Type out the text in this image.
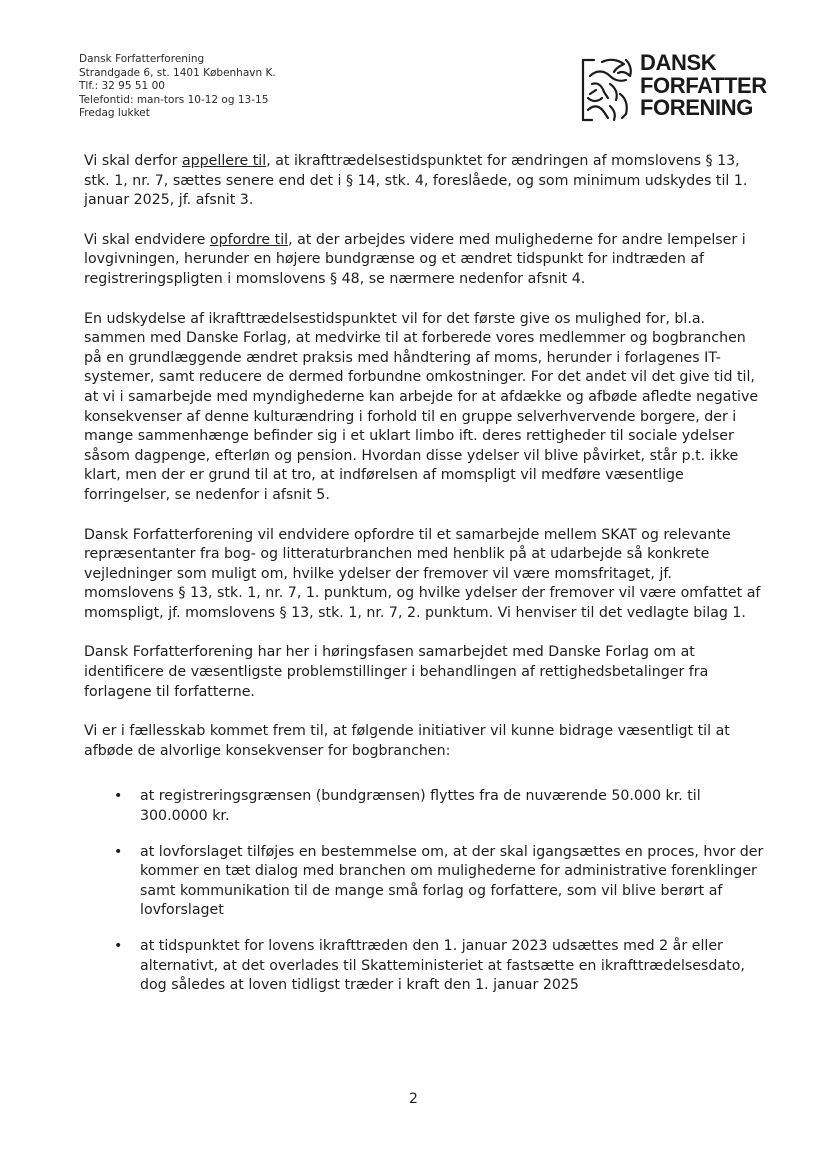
Dansk Forfatterforening
Strandgade 6, st. 1401 København K.
Tlf.: 32 95 51 00
Telefontid: man-tors 10-12 og 13-15
Fredag lukket
DANSK
FORFATTER
FORENING

Vi skal derfor appellere til, at ikrafttrædelsestidspunktet for ændringen af momslovens § 13, stk. 1, nr. 7, sættes senere end det i § 14, stk. 4, foreslåede, og som minimum udskydes til 1. januar 2025, jf. afsnit 3.

Vi skal endvidere opfordre til, at der arbejdes videre med mulighederne for andre lempelser i lovgivningen, herunder en højere bundgrænse og et ændret tidspunkt for indtræden af registreringspligten i momslovens § 48, se nærmere nedenfor afsnit 4.

En udskydelse af ikrafttrædelsestidspunktet vil for det første give os mulighed for, bl.a. sammen med Danske Forlag, at medvirke til at forberede vores medlemmer og bogbranchen på en grundlæggende ændret praksis med håndtering af moms, herunder i forlagenes IT-systemer, samt reducere de dermed forbundne omkostninger. For det andet vil det give tid til, at vi i samarbejde med myndighederne kan arbejde for at afdække og afbøde afledte negative konsekvenser af denne kulturændring i forhold til en gruppe selverhvervende borgere, der i mange sammenhænge befinder sig i et uklart limbo ift. deres rettigheder til sociale ydelser såsom dagpenge, efterløn og pension. Hvordan disse ydelser vil blive påvirket, står p.t. ikke klart, men der er grund til at tro, at indførelsen af momspligt vil medføre væsentlige forringelser, se nedenfor i afsnit 5.

Dansk Forfatterforening vil endvidere opfordre til et samarbejde mellem SKAT og relevante repræsentanter fra bog- og litteraturbranchen med henblik på at udarbejde så konkrete vejledninger som muligt om, hvilke ydelser der fremover vil være momsfritaget, jf. momslovens § 13, stk. 1, nr. 7, 1. punktum, og hvilke ydelser der fremover vil være omfattet af momspligt, jf. momslovens § 13, stk. 1, nr. 7, 2. punktum. Vi henviser til det vedlagte bilag 1.

Dansk Forfatterforening har her i høringsfasen samarbejdet med Danske Forlag om at identificere de væsentligste problemstillinger i behandlingen af rettighedsbetalinger fra forlagene til forfatterne.

Vi er i fællesskab kommet frem til, at følgende initiativer vil kunne bidrage væsentligt til at afbøde de alvorlige konsekvenser for bogbranchen:

• at registreringsgrænsen (bundgrænsen) flyttes fra de nuværende 50.000 kr. til 300.0000 kr.
• at lovforslaget tilføjes en bestemmelse om, at der skal igangsættes en proces, hvor der kommer en tæt dialog med branchen om mulighederne for administrative forenklinger samt kommunikation til de mange små forlag og forfattere, som vil blive berørt af lovforslaget
• at tidspunktet for lovens ikrafttræden den 1. januar 2023 udsættes med 2 år eller alternativt, at det overlades til Skatteministeriet at fastsætte en ikrafttrædelsesdato, dog således at loven tidligst træder i kraft den 1. januar 2025
2
